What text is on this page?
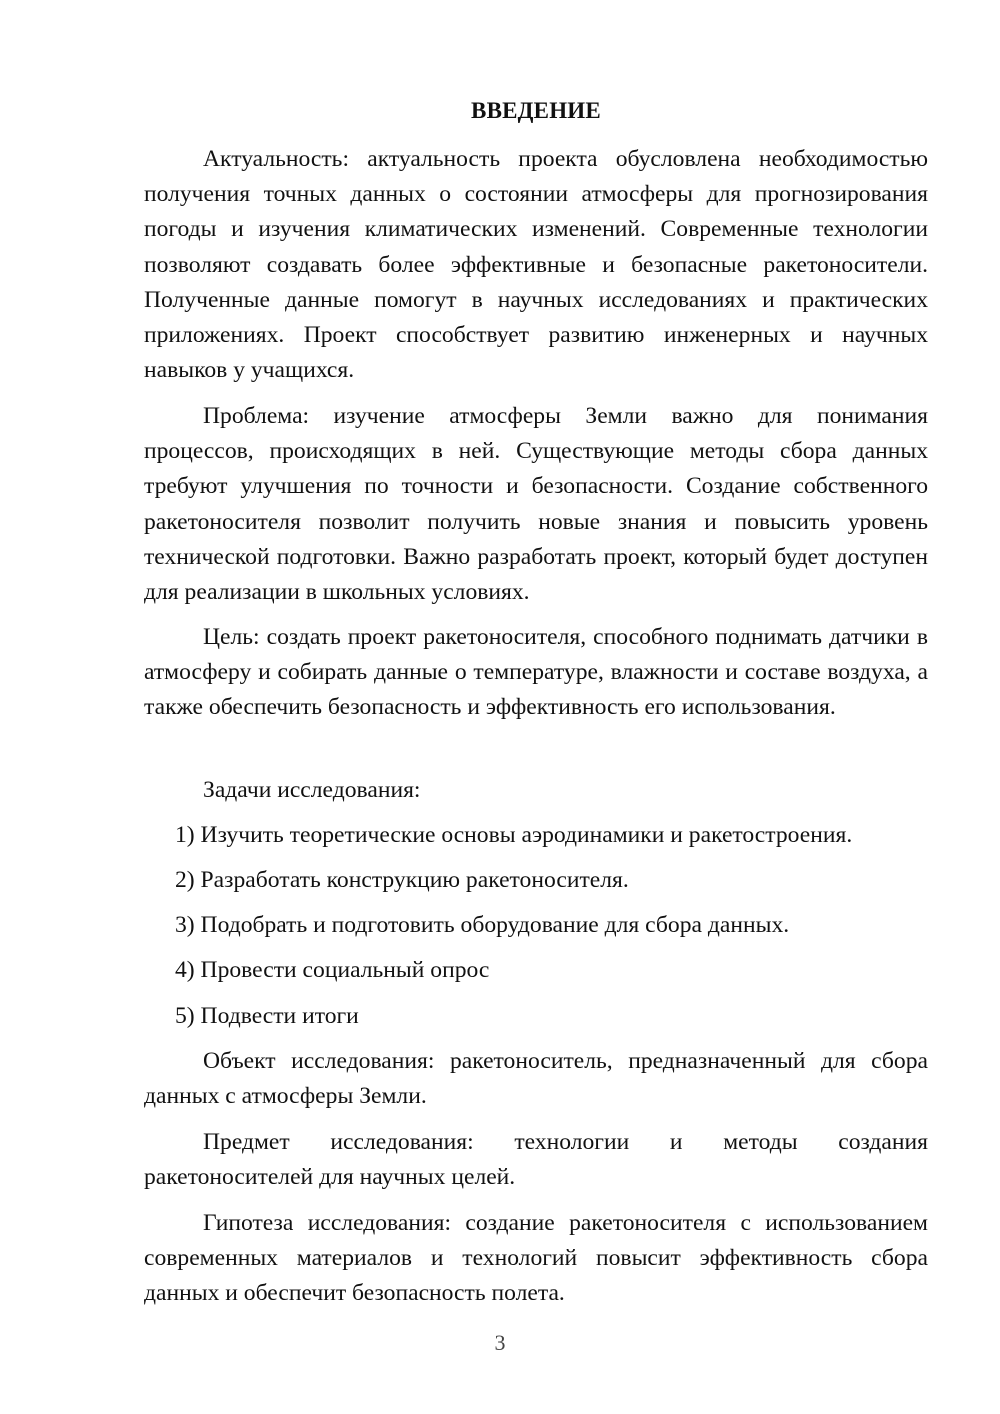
ВВЕДЕНИЕ

Актуальность: актуальность проекта обусловлена необходимостью получения точных данных о состоянии атмосферы для прогнозирования погоды и изучения климатических изменений. Современные технологии позволяют создавать более эффективные и безопасные ракетоносители. Полученные данные помогут в научных исследованиях и практических приложениях. Проект способствует развитию инженерных и научных навыков у учащихся.

Проблема: изучение атмосферы Земли важно для понимания процессов, происходящих в ней. Существующие методы сбора данных требуют улучшения по точности и безопасности. Создание собственного ракетоносителя позволит получить новые знания и повысить уровень технической подготовки. Важно разработать проект, который будет доступен для реализации в школьных условиях.

Цель: создать проект ракетоносителя, способного поднимать датчики в атмосферу и собирать данные о температуре, влажности и составе воздуха, а также обеспечить безопасность и эффективность его использования.

Задачи исследования:

1) Изучить теоретические основы аэродинамики и ракетостроения.

2) Разработать конструкцию ракетоносителя.

3) Подобрать и подготовить оборудование для сбора данных.

4) Провести социальный опрос

5) Подвести итоги

Объект исследования: ракетоноситель, предназначенный для сбора данных с атмосферы Земли.

Предмет исследования: технологии и методы создания ракетоносителей для научных целей.

Гипотеза исследования: создание ракетоносителя с использованием современных материалов и технологий повысит эффективность сбора данных и обеспечит безопасность полета.

3
